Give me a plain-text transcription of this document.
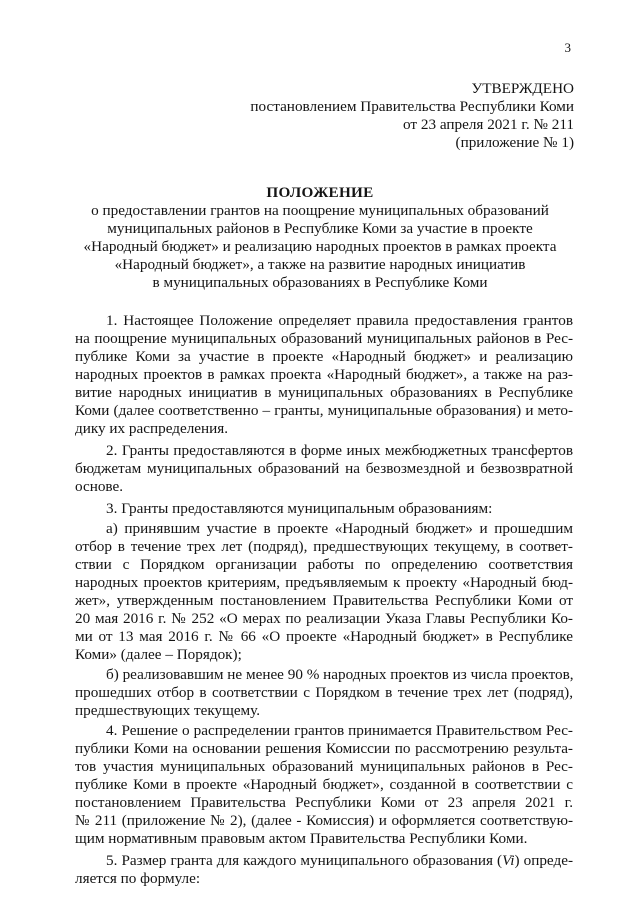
3

УТВЕРЖДЕНО

постановлением Правительства Республики Коми

от 23 апреля 2021 г. № 211

(приложение № 1)

ПОЛОЖЕНИЕ

о предоставлении грантов на поощрение муниципальных образований

муниципальных районов в Республике Коми за участие в проекте

«Народный бюджет» и реализацию народных проектов в рамках проекта

«Народный бюджет», а также на развитие народных инициатив

в муниципальных образованиях в Республике Коми

1. Настоящее Положение определяет правила предоставления грантов

на поощрение муниципальных образований муниципальных районов в Рес-

публике Коми за участие в проекте «Народный бюджет» и реализацию

народных проектов в рамках проекта «Народный бюджет», а также на раз-

витие народных инициатив в муниципальных образованиях в Республике

Коми (далее соответственно – гранты, муниципальные образования) и мето-

дику их распределения.

2. Гранты предоставляются в форме иных межбюджетных трансфертов

бюджетам муниципальных образований на безвозмездной и безвозвратной

основе.

3. Гранты предоставляются муниципальным образованиям:

а) принявшим участие в проекте «Народный бюджет» и прошедшим

отбор в течение трех лет (подряд), предшествующих текущему, в соответ-

ствии с Порядком организации работы по определению соответствия

народных проектов критериям, предъявляемым к проекту «Народный бюд-

жет», утвержденным постановлением Правительства Республики Коми от

20 мая 2016 г. № 252 «О мерах по реализации Указа Главы Республики Ко-

ми от 13 мая 2016 г. № 66 «О проекте «Народный бюджет» в Республике

Коми» (далее – Порядок);

б) реализовавшим не менее 90 % народных проектов из числа проектов,

прошедших отбор в соответствии с Порядком в течение трех лет (подряд),

предшествующих текущему.

4. Решение о распределении грантов принимается Правительством Рес-

публики Коми на основании решения Комиссии по рассмотрению результа-

тов участия муниципальных образований муниципальных районов в Рес-

публике Коми в проекте «Народный бюджет», созданной в соответствии с

постановлением Правительства Республики Коми от 23 апреля 2021 г.

№ 211 (приложение № 2), (далее - Комиссия) и оформляется соответствую-

щим нормативным правовым актом Правительства Республики Коми.

5. Размер гранта для каждого муниципального образования (Vi) опреде-

ляется по формуле:
